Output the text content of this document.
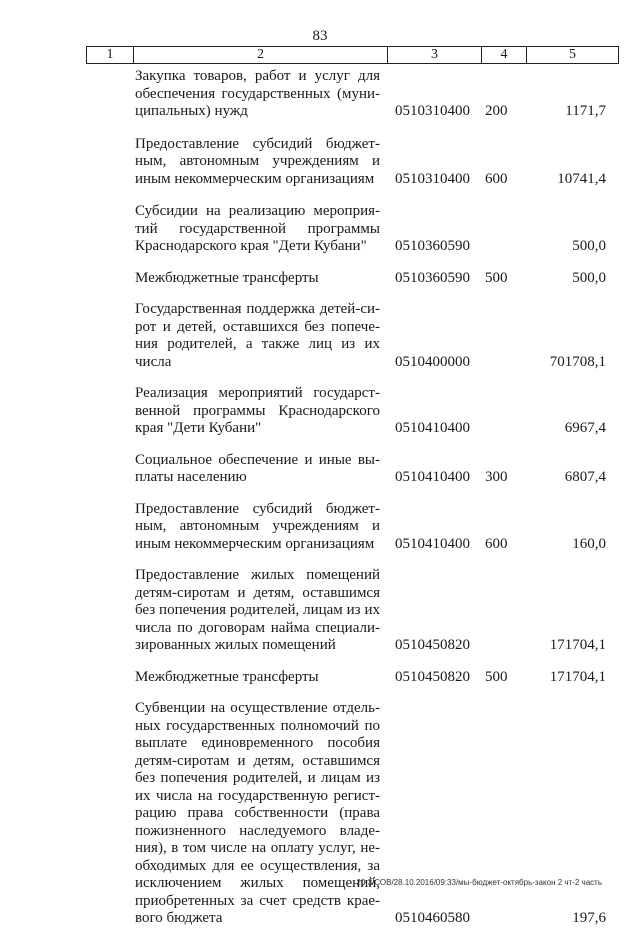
83
1	2	3	4	5
Закупка товаров, работ и услуг для обеспечения государственных (муни-ципальных) нужд	0510310400 200	1171,7
Предоставление субсидий бюджет-ным, автономным учреждениям и иным некоммерческим организациям	0510310400 600	10741,4
Субсидии на реализацию мероприя-тий государственной программы Краснодарского края "Дети Кубани"	0510360590	500,0
Межбюджетные трансферты	0510360590 500	500,0
Государственная поддержка детей-си-рот и детей, оставшихся без попече-ния родителей, а также лиц из их числа	0510400000	701708,1
Реализация мероприятий государст-венной программы Краснодарского края "Дети Кубани"	0510410400	6967,4
Социальное обеспечение и иные вы-платы населению	0510410400 300	6807,4
Предоставление субсидий бюджет-ным, автономным учреждениям и иным некоммерческим организациям	0510410400 600	160,0
Предоставление жилых помещений детям-сиротам и детям, оставшимся без попечения родителей, лицам из их числа по договорам найма специали-зированных жилых помещений	0510450820	171704,1
Межбюджетные трансферты	0510450820 500	171704,1
Субвенции на осуществление отдель-ных государственных полномочий по выплате единовременного пособия детям-сиротам и детям, оставшимся без попечения родителей, и лицам из их числа на государственную регист-рацию права собственности (права пожизненного наследуемого владе-ния), в том числе на оплату услуг, не-обходимых для ее осуществления, за исключением жилых помещений, приобретенных за счет средств крае-вого бюджета	0510460580	197,6
20.3/СОВ/28.10.2016/09:33/мы-бюджет-октябрь-закон 2 чт-2 часть
